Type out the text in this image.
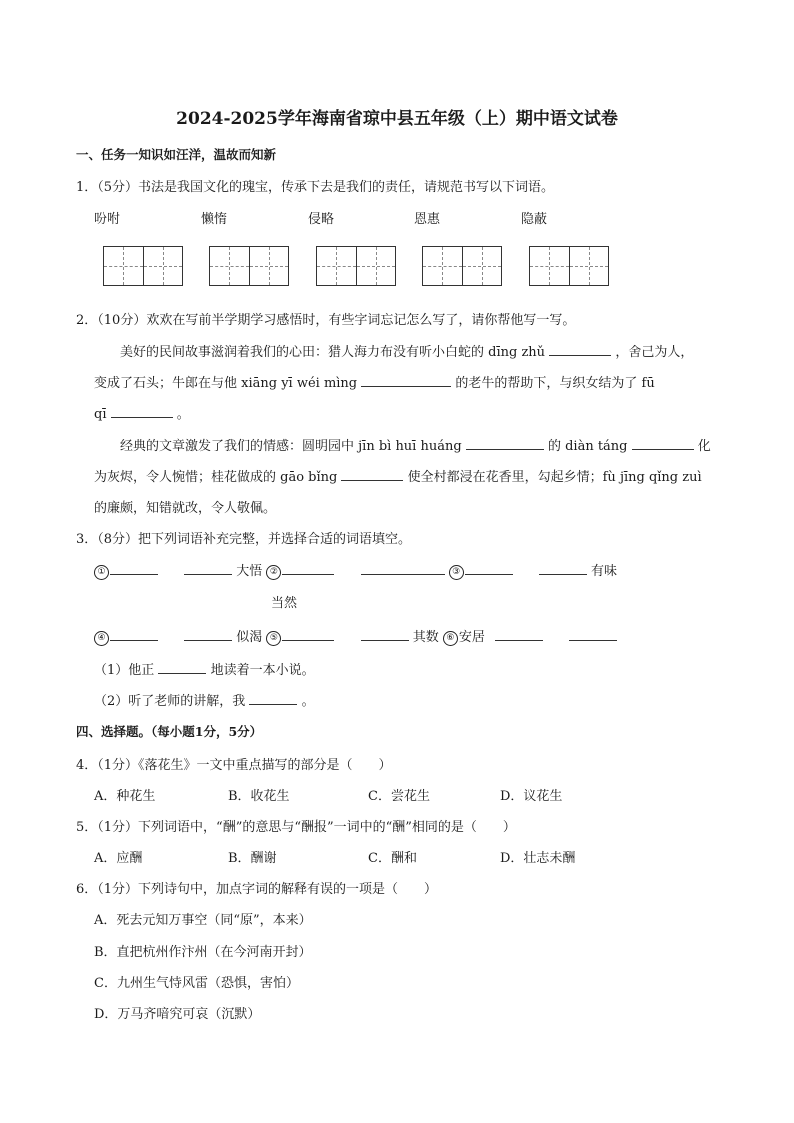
2024-2025学年海南省琼中县五年级（上）期中语文试卷
一、任务一知识如汪洋，温故而知新
1．（5分）书法是我国文化的瑰宝，传承下去是我们的责任，请规范书写以下词语。
吩咐	懒惰	侵略	恩惠	隐蔽
2．（10分）欢欢在写前半学期学习感悟时，有些字词忘记怎么写了，请你帮他写一写。
美好的民间故事滋润着我们的心田：猎人海力布没有听小白蛇的 dīng zhǔ	，舍己为人，
变成了石头；牛郎在与他 xiāng yī wéi mìng	的老牛的帮助下，与织女结为了 fū
qī	。
经典的文章激发了我们的情感：圆明园中 jīn bì huī huáng	的 diàn táng	化
为灰烬，令人惋惜；桂花做成的 gāo bǐng	使全村都浸在花香里，勾起乡情；fù jīng qǐng zuì
的廉颇，知错就改，令人敬佩。
3．（8分）把下列词语补充完整，并选择合适的词语填空。
①	大悟 ②	③	有味
当然
④	似渴 ⑤	其数 ⑥ 安居
（1）他正	地读着一本小说。
（2）听了老师的讲解，我	。
四、选择题。（每小题1分，5分）
4．（1分）《落花生》一文中重点描写的部分是（　　）
A．种花生	B．收花生	C．尝花生	D．议花生
5．（1分）下列词语中，“酬”的意思与“酬报”一词中的“酬”相同的是（　　）
A．应酬	B．酬谢	C．酬和	D．壮志未酬
6．（1分）下列诗句中，加点字词的解释有误的一项是（　　）
A．死去元知万事空（同“原”，本来）
B．直把杭州作汴州（在今河南开封）
C．九州生气恃风雷（恐惧，害怕）
D．万马齐喑究可哀（沉默）
